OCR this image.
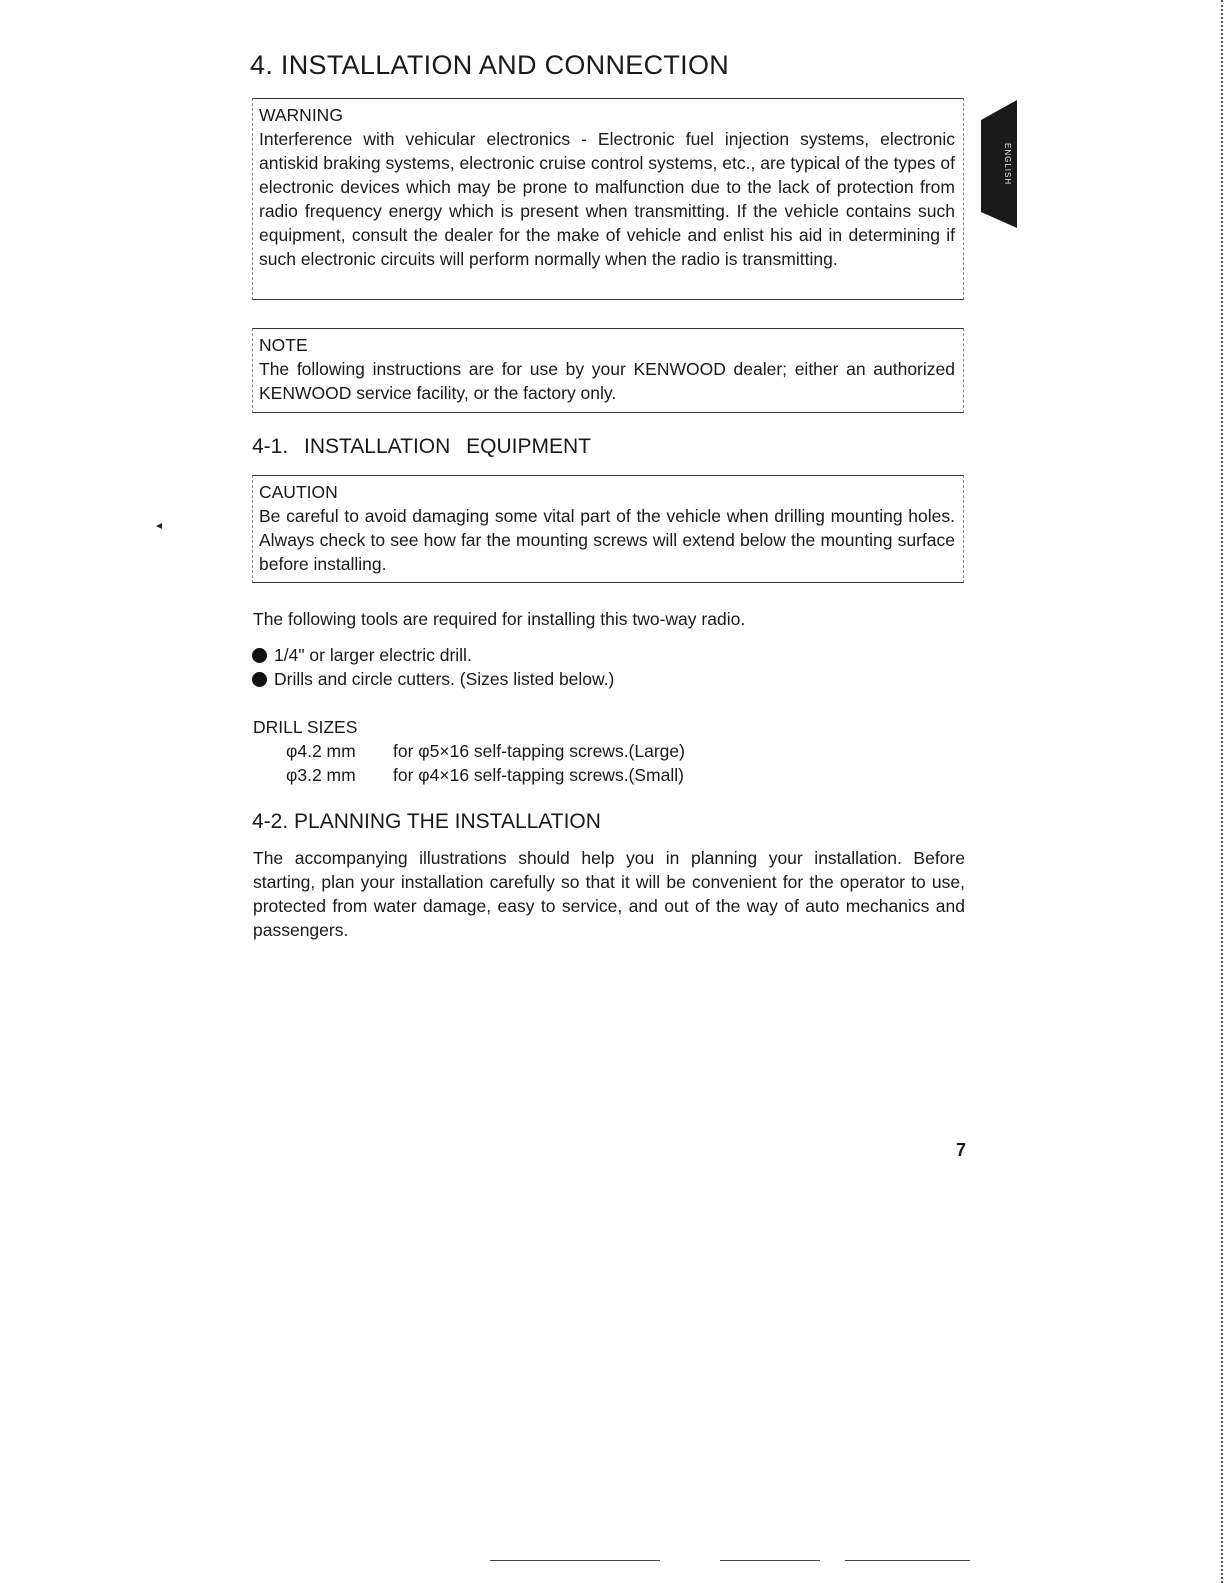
4. INSTALLATION AND CONNECTION
ENGLISH
WARNING
Interference with vehicular electronics - Electronic fuel injection systems, electronic antiskid braking systems, electronic cruise control systems, etc., are typical of the types of electronic devices which may be prone to malfunction due to the lack of protection from radio frequency energy which is present when transmitting. If the vehicle contains such equipment, consult the dealer for the make of vehicle and enlist his aid in determining if such electronic circuits will perform normally when the radio is transmitting.
NOTE
The following instructions are for use by your KENWOOD dealer; either an authorized KENWOOD service facility, or the factory only.
4-1. INSTALLATION EQUIPMENT
CAUTION
Be careful to avoid damaging some vital part of the vehicle when drilling mounting holes. Always check to see how far the mounting screws will extend below the mounting surface before installing.

The following tools are required for installing this two-way radio.

1/4" or larger electric drill.
Drills and circle cutters. (Sizes listed below.)
DRILL SIZES
φ4.2 mm	for φ5×16 self-tapping screws.(Large)
φ3.2 mm	for φ4×16 self-tapping screws.(Small)
4-2. PLANNING THE INSTALLATION

The accompanying illustrations should help you in planning your installation. Before starting, plan your installation carefully so that it will be convenient for the operator to use, protected from water damage, easy to service, and out of the way of auto mechanics and passengers.

7
